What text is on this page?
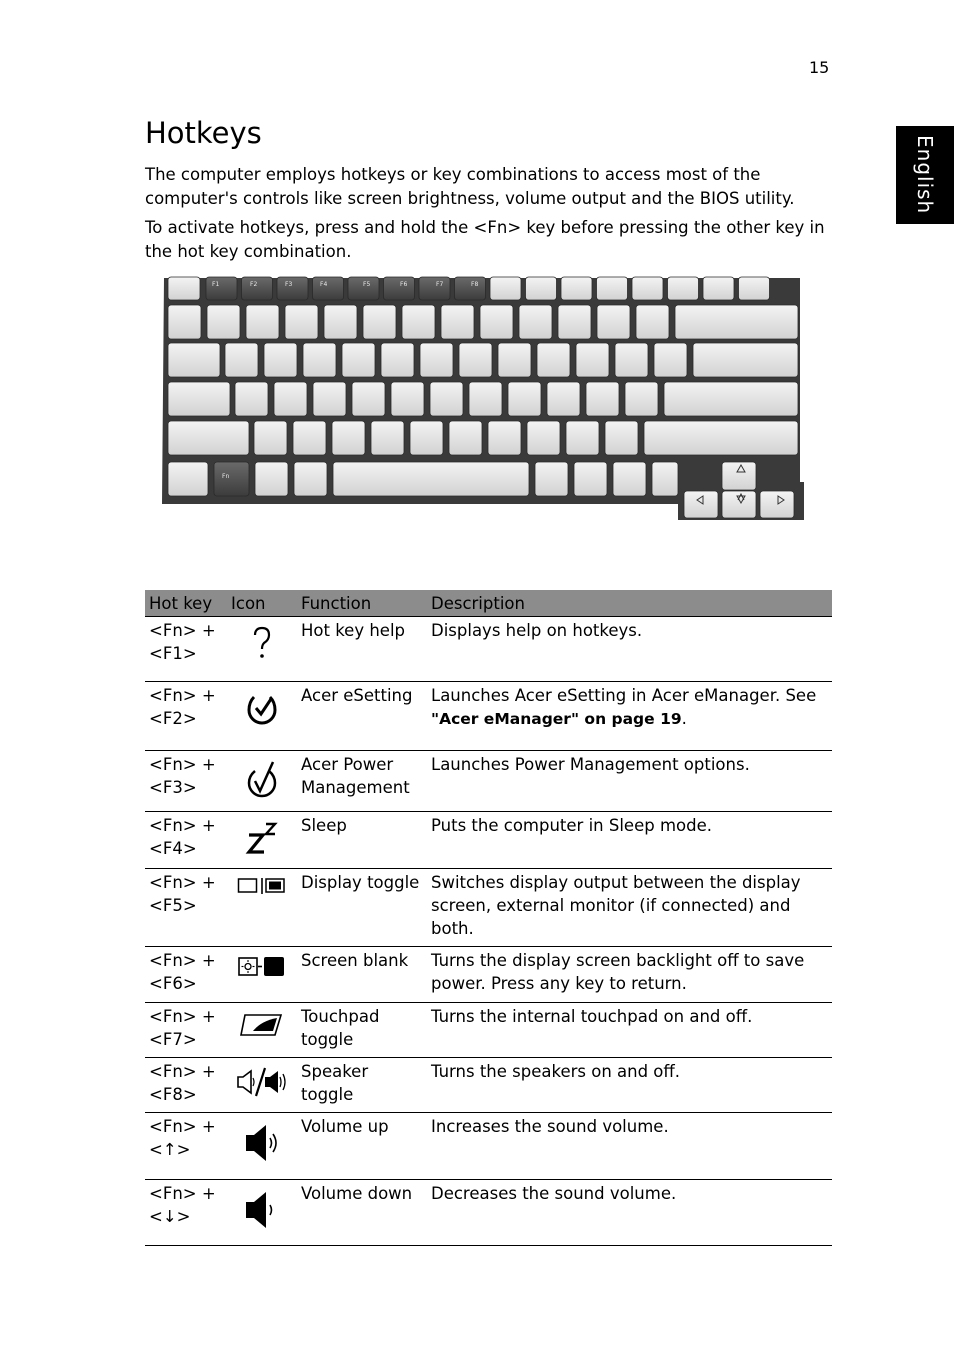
15
English
Hotkeys

The computer employs hotkeys or key combinations to access most of the computer's controls like screen brightness, volume output and the BIOS utility.

To activate hotkeys, press and hold the <Fn> key before pressing the other key in the hot key combination.

F1	F2	F3	F4	F5	F6	F7	F8
Fn
Hot key	Icon	Function	Description
<Fn> + <F1>		Hot key help	Displays help on hotkeys.
<Fn> + <F2>		Acer eSetting	Launches Acer eSetting in Acer eManager. See "Acer eManager" on page 19.
<Fn> + <F3>		Acer Power Management	Launches Power Management options.
<Fn> + <F4>		Sleep	Puts the computer in Sleep mode.
<Fn> + <F5>		Display toggle	Switches display output between the display screen, external monitor (if connected) and both.
<Fn> + <F6>		Screen blank	Turns the display screen backlight off to save power. Press any key to return.
<Fn> + <F7>		Touchpad toggle	Turns the internal touchpad on and off.
<Fn> + <F8>		Speaker toggle	Turns the speakers on and off.
<Fn> + <↑>		Volume up	Increases the sound volume.
<Fn> + <↓>		Volume down	Decreases the sound volume.
